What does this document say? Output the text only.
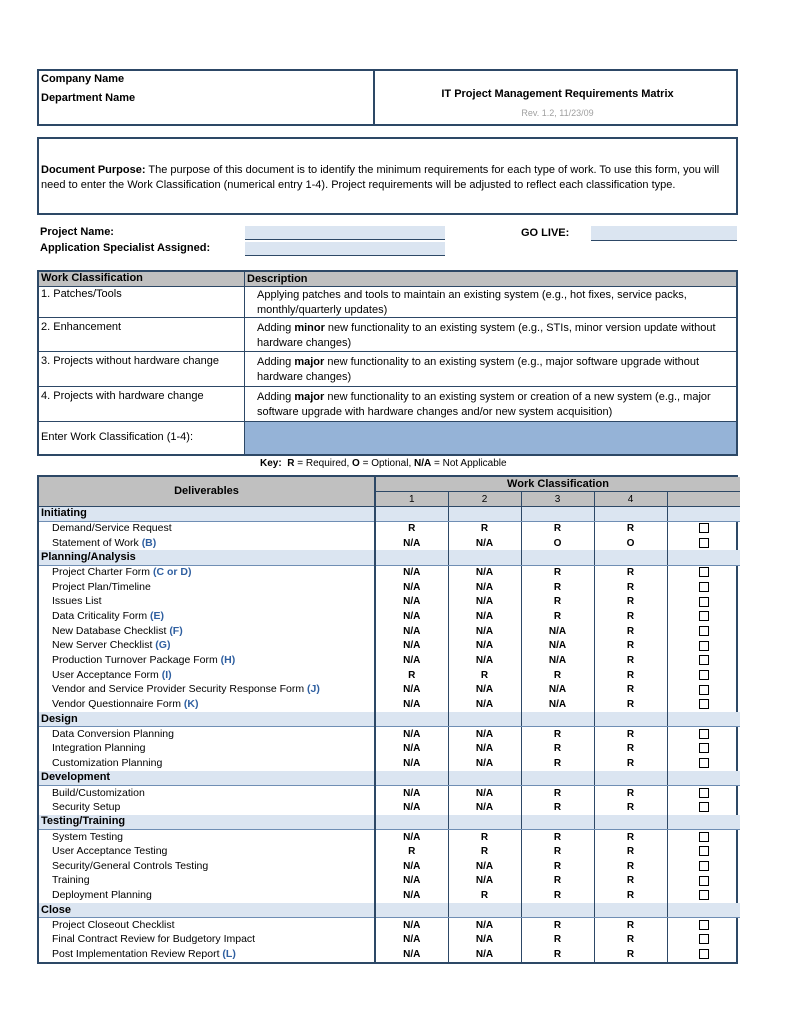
Company Name
Department Name	IT Project Management Requirements Matrix
Rev. 1.2, 11/23/09
Document Purpose: The purpose of this document is to identify the minimum requirements for each type of work. To use this form, you will need to enter the Work Classification (numerical entry 1-4). Project requirements will be adjusted to reflect each classification type.
Project Name:
Application Specialist Assigned:
GO LIVE:
Work Classification	Description
1. Patches/Tools	Applying patches and tools to maintain an existing system (e.g., hot fixes, service packs, monthly/quarterly updates)
2. Enhancement	Adding minor new functionality to an existing system (e.g., STIs, minor version update without hardware changes)
3. Projects without hardware change	Adding major new functionality to an existing system (e.g., major software upgrade without hardware changes)
4. Projects with hardware change	Adding major new functionality to an existing system or creation of a new system (e.g., major software upgrade with hardware changes and/or new system acquisition)
Enter Work Classification (1-4):
Key: R = Required, O = Optional, N/A = Not Applicable
Deliverables	Work Classification				
	1	2	3	4	
Initiating					
Demand/Service Request	R	R	R	R	
Statement of Work (B)	N/A	N/A	O	O	
Planning/Analysis					
Project Charter Form (C or D)	N/A	N/A	R	R	
Project Plan/Timeline	N/A	N/A	R	R	
Issues List	N/A	N/A	R	R	
Data Criticality Form (E)	N/A	N/A	R	R	
New Database Checklist (F)	N/A	N/A	N/A	R	
New Server Checklist (G)	N/A	N/A	N/A	R	
Production Turnover Package Form (H)	N/A	N/A	N/A	R	
User Acceptance Form (I)	R	R	R	R	
Vendor and Service Provider Security Response Form (J)	N/A	N/A	N/A	R	
Vendor Questionnaire Form (K)	N/A	N/A	N/A	R	
Design					
Data Conversion Planning	N/A	N/A	R	R	
Integration Planning	N/A	N/A	R	R	
Customization Planning	N/A	N/A	R	R	
Development					
Build/Customization	N/A	N/A	R	R	
Security Setup	N/A	N/A	R	R	
Testing/Training					
System Testing	N/A	R	R	R	
User Acceptance Testing	R	R	R	R	
Security/General Controls Testing	N/A	N/A	R	R	
Training	N/A	N/A	R	R	
Deployment Planning	N/A	R	R	R	
Close					
Project Closeout Checklist	N/A	N/A	R	R	
Final Contract Review for Budgetory Impact	N/A	N/A	R	R	
Post Implementation Review Report (L)	N/A	N/A	R	R	
